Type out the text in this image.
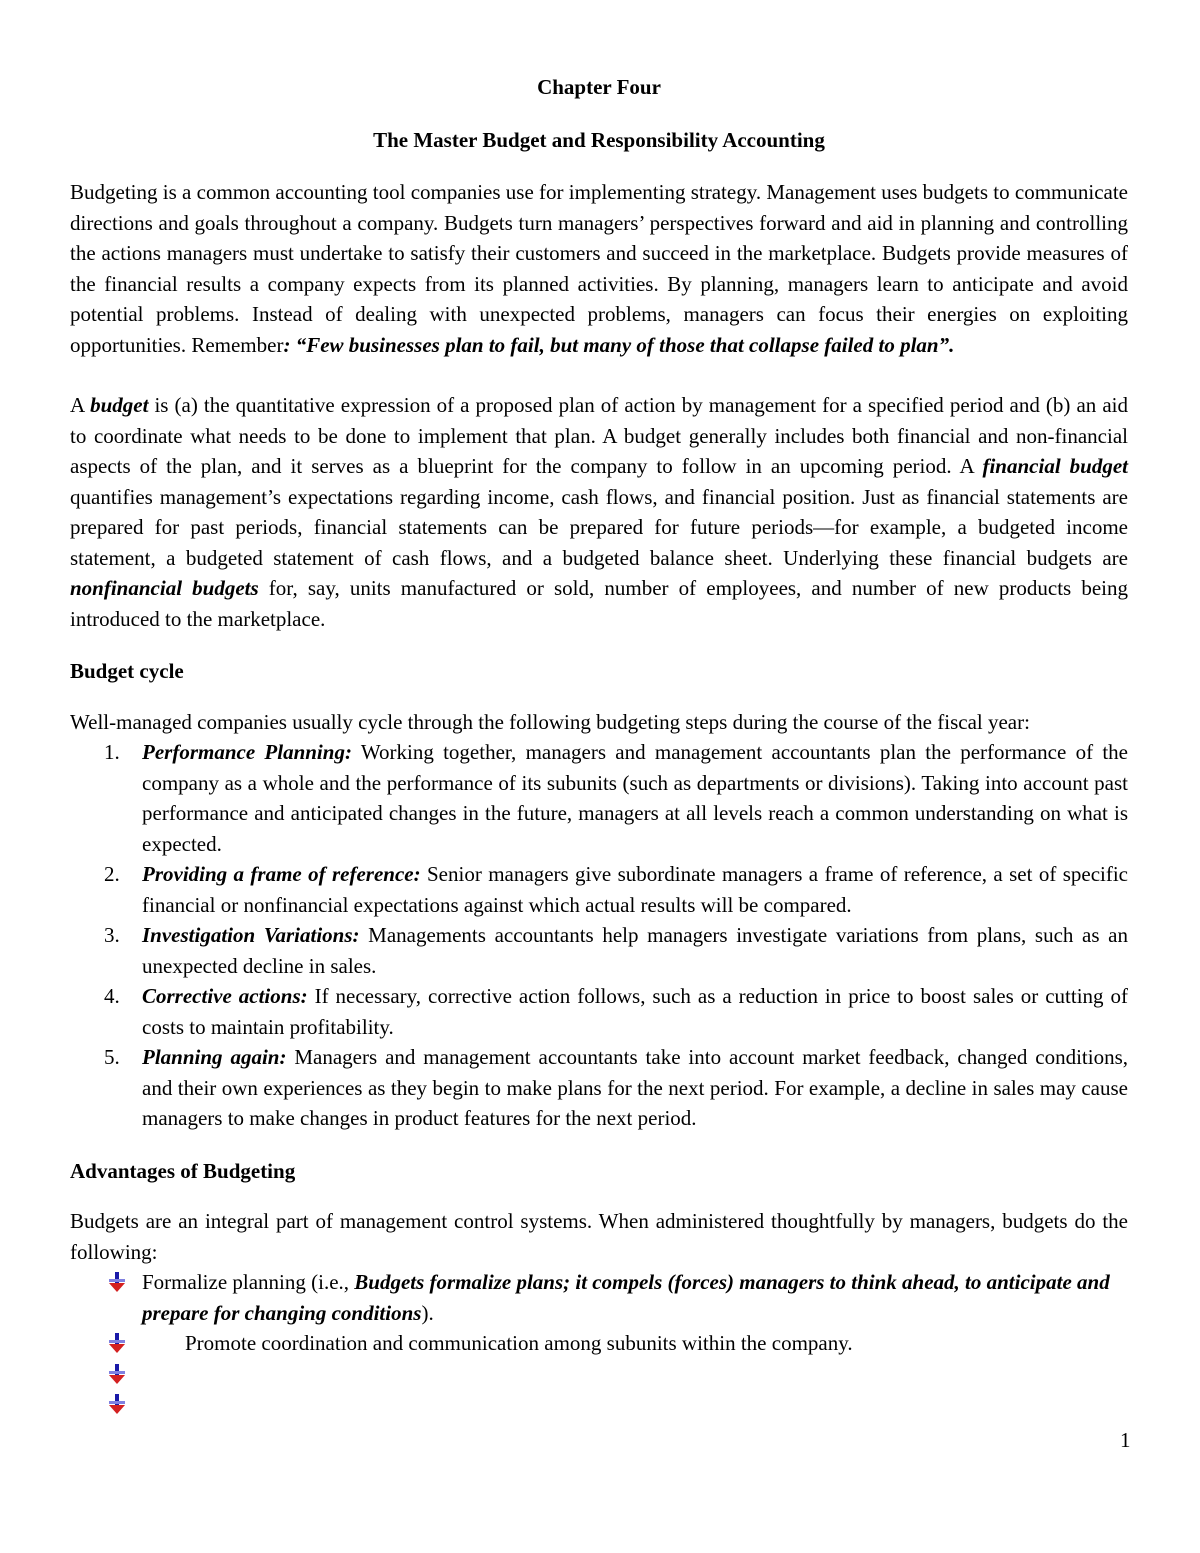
Chapter Four
The Master Budget and Responsibility Accounting

Budgeting is a common accounting tool companies use for implementing strategy. Management uses budgets to communicate directions and goals throughout a company. Budgets turn managers’ perspectives forward and aid in planning and controlling the actions managers must undertake to satisfy their customers and succeed in the marketplace. Budgets provide measures of the financial results a company expects from its planned activities. By planning, managers learn to anticipate and avoid potential problems. Instead of dealing with unexpected problems, managers can focus their energies on exploiting opportunities. Remember: “Few businesses plan to fail, but many of those that collapse failed to plan”.

A budget is (a) the quantitative expression of a proposed plan of action by management for a specified period and (b) an aid to coordinate what needs to be done to implement that plan. A budget generally includes both financial and non-financial aspects of the plan, and it serves as a blueprint for the company to follow in an upcoming period. A financial budget quantifies management’s expectations regarding income, cash flows, and financial position. Just as financial statements are prepared for past periods, financial statements can be prepared for future periods—for example, a budgeted income statement, a budgeted statement of cash flows, and a budgeted balance sheet. Underlying these financial budgets are nonfinancial budgets for, say, units manufactured or sold, number of employees, and number of new products being introduced to the marketplace.

Budget cycle

Well-managed companies usually cycle through the following budgeting steps during the course of the fiscal year:

1. Performance Planning: Working together, managers and management accountants plan the performance of the company as a whole and the performance of its subunits (such as departments or divisions). Taking into account past performance and anticipated changes in the future, managers at all levels reach a common understanding on what is expected.
2. Providing a frame of reference: Senior managers give subordinate managers a frame of reference, a set of specific financial or nonfinancial expectations against which actual results will be compared.
3. Investigation Variations: Managements accountants help managers investigate variations from plans, such as an unexpected decline in sales.
4. Corrective actions: If necessary, corrective action follows, such as a reduction in price to boost sales or cutting of costs to maintain profitability.
5. Planning again: Managers and management accountants take into account market feedback, changed conditions, and their own experiences as they begin to make plans for the next period. For example, a decline in sales may cause managers to make changes in product features for the next period.
Advantages of Budgeting

Budgets are an integral part of management control systems. When administered thoughtfully by managers, budgets do the following:

Formalize planning (i.e., Budgets formalize plans; it compels (forces) managers to think ahead, to anticipate and prepare for changing conditions).
Promote coordination and communication among subunits within the company.
1
